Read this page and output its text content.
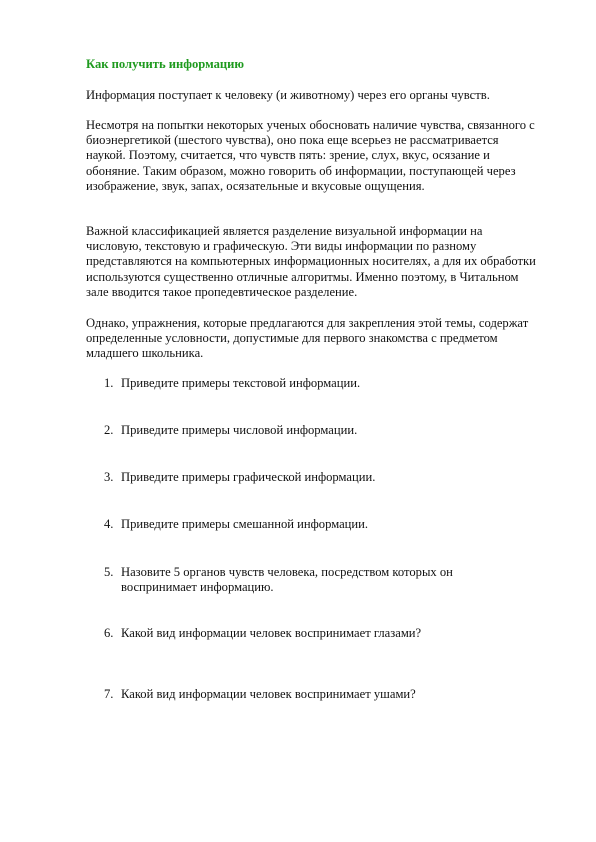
Как получить информацию

Информация поступает к человеку (и животному) через его органы чувств.

Несмотря на попытки некоторых ученых обосновать наличие чувства, связанного с биоэнергетикой (шестого чувства), оно пока еще всерьез не рассматривается наукой. Поэтому, считается, что чувств пять: зрение, слух, вкус, осязание и обоняние. Таким образом, можно говорить об информации, поступающей через изображение, звук, запах, осязательные и вкусовые ощущения.

Важной классификацией является разделение визуальной информации на числовую, текстовую и графическую. Эти виды информации по разному представляются на компьютерных информационных носителях, а для их обработки используются существенно отличные алгоритмы. Именно поэтому, в Читальном зале вводится такое пропедевтическое разделение.

Однако, упражнения, которые предлагаются для закрепления этой темы, содержат определенные условности, допустимые для первого знакомства с предметом младшего школьника.

1. Приведите примеры текстовой информации.
2. Приведите примеры числовой информации.
3. Приведите примеры графической информации.
4. Приведите примеры смешанной информации.
5. Назовите 5 органов чувств человека, посредством которых он воспринимает информацию.
6. Какой вид информации человек воспринимает глазами?
7. Какой вид информации человек воспринимает ушами?
